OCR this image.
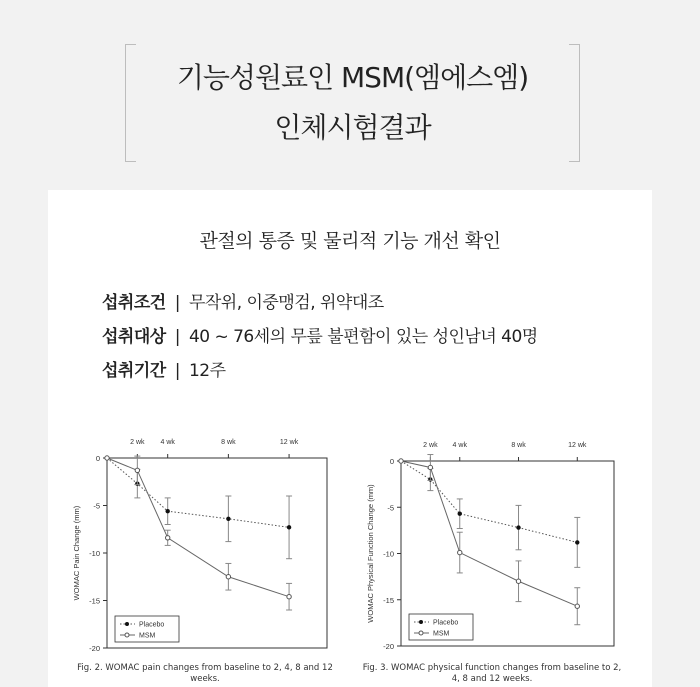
기능성원료인 MSM(엠에스엠)
인체시험결과
관절의 통증 및 물리적 기능 개선 확인
섭취조건 | 무작위, 이중맹검, 위약대조
섭취대상 | 40 ~ 76세의 무릎 불편함이 있는 성인남녀 40명
섭취기간 | 12주
2 wk 4 wk	8 wk	12 wk
0
-5
-10
-15
-20
WOMAC Pain Change (mm)
Placebo
MSM
2 wk 4 wk	8 wk	12 wk
0
-5
-10
-15
-20
WOMAC Physical Function Change (mm)
Placebo
MSM
Fig. 2. WOMAC pain changes from baseline to 2, 4, 8 and 12 weeks.
Fig. 3. WOMAC physical function changes from baseline to 2, 4, 8 and 12 weeks.
